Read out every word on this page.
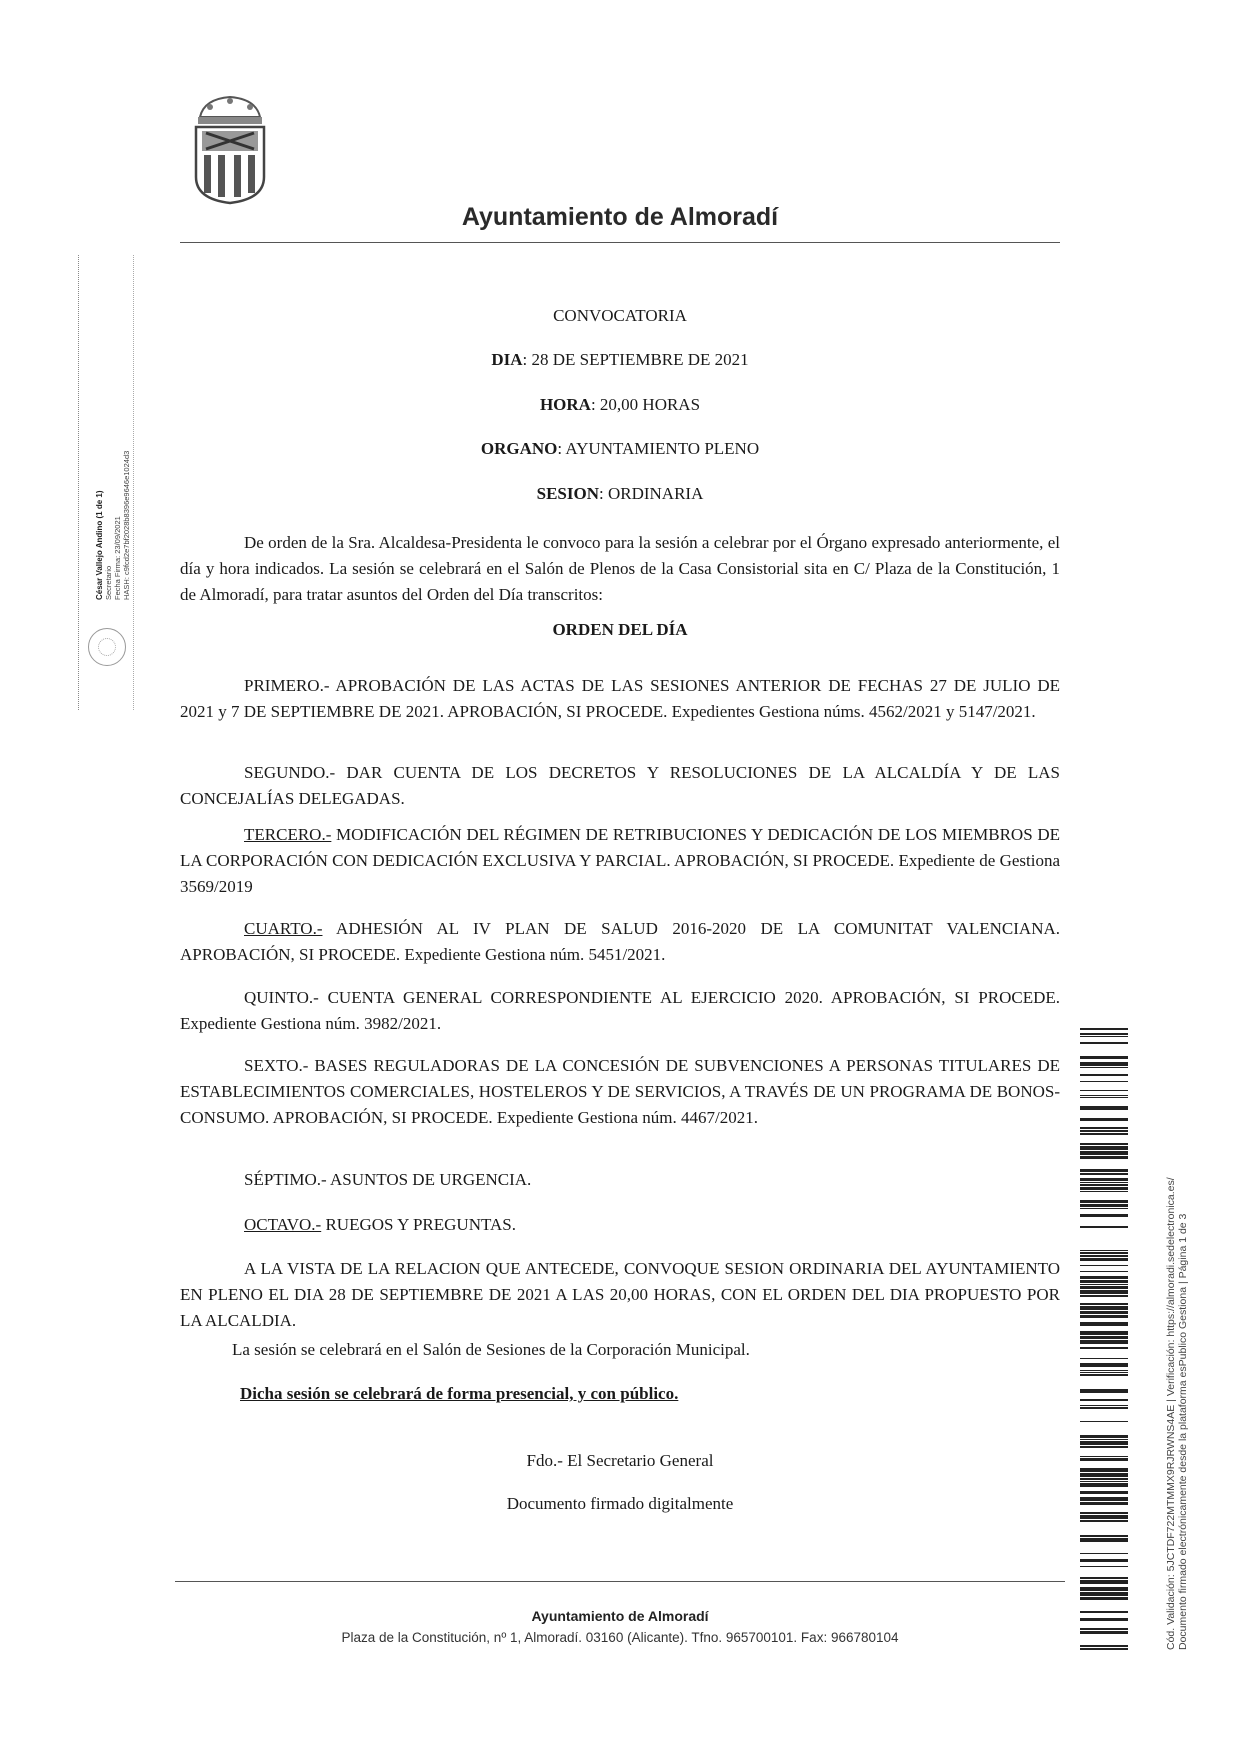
Ayuntamiento de Almoradí
César Vallejo Andino (1 de 1) Secretario Fecha Firma: 23/09/2021 HASH: c9fcd2e7bf2028b8396e9646e1024d3
CONVOCATORIA
DIA: 28 DE SEPTIEMBRE DE 2021
HORA: 20,00 HORAS
ORGANO: AYUNTAMIENTO PLENO
SESION: ORDINARIA

De orden de la Sra. Alcaldesa-Presidenta le convoco para la sesión a celebrar por el Órgano expresado anteriormente, el día y hora indicados. La sesión se celebrará en el Salón de Plenos de la Casa Consistorial sita en C/ Plaza de la Constitución, 1 de Almoradí, para tratar asuntos del Orden del Día transcritos:

ORDEN DEL DÍA

PRIMERO.- APROBACIÓN DE LAS ACTAS DE LAS SESIONES ANTERIOR DE FECHAS 27 DE JULIO DE 2021 y 7 DE SEPTIEMBRE DE 2021. APROBACIÓN, SI PROCEDE. Expedientes Gestiona núms. 4562/2021 y 5147/2021.

SEGUNDO.- DAR CUENTA DE LOS DECRETOS Y RESOLUCIONES DE LA ALCALDÍA Y DE LAS CONCEJALÍAS DELEGADAS.

TERCERO.- MODIFICACIÓN DEL RÉGIMEN DE RETRIBUCIONES Y DEDICACIÓN DE LOS MIEMBROS DE LA CORPORACIÓN CON DEDICACIÓN EXCLUSIVA Y PARCIAL. APROBACIÓN, SI PROCEDE. Expediente de Gestiona 3569/2019

CUARTO.- ADHESIÓN AL IV PLAN DE SALUD 2016-2020 DE LA COMUNITAT VALENCIANA. APROBACIÓN, SI PROCEDE. Expediente Gestiona núm. 5451/2021.

QUINTO.- CUENTA GENERAL CORRESPONDIENTE AL EJERCICIO 2020. APROBACIÓN, SI PROCEDE. Expediente Gestiona núm. 3982/2021.

SEXTO.- BASES REGULADORAS DE LA CONCESIÓN DE SUBVENCIONES A PERSONAS TITULARES DE ESTABLECIMIENTOS COMERCIALES, HOSTELEROS Y DE SERVICIOS, A TRAVÉS DE UN PROGRAMA DE BONOS-CONSUMO. APROBACIÓN, SI PROCEDE. Expediente Gestiona núm. 4467/2021.

SÉPTIMO.- ASUNTOS DE URGENCIA.

OCTAVO.- RUEGOS Y PREGUNTAS.

A LA VISTA DE LA RELACION QUE ANTECEDE, CONVOQUE SESION ORDINARIA DEL AYUNTAMIENTO EN PLENO EL DIA 28 DE SEPTIEMBRE DE 2021 A LAS 20,00 HORAS, CON EL ORDEN DEL DIA PROPUESTO POR LA ALCALDIA.

La sesión se celebrará en el Salón de Sesiones de la Corporación Municipal.
Dicha sesión se celebrará de forma presencial, y con público.
Fdo.- El Secretario General
Documento firmado digitalmente
Ayuntamiento de Almoradí
Plaza de la Constitución, nº 1, Almoradí. 03160 (Alicante). Tfno. 965700101. Fax: 966780104	Cód. Validación: 5JCTDF722MTMMX9RJRWNS4AE | Verificación: https://almoradi.sedelectronica.es/ Documento firmado electrónicamente desde la plataforma esPublico Gestiona | Página 1 de 3
